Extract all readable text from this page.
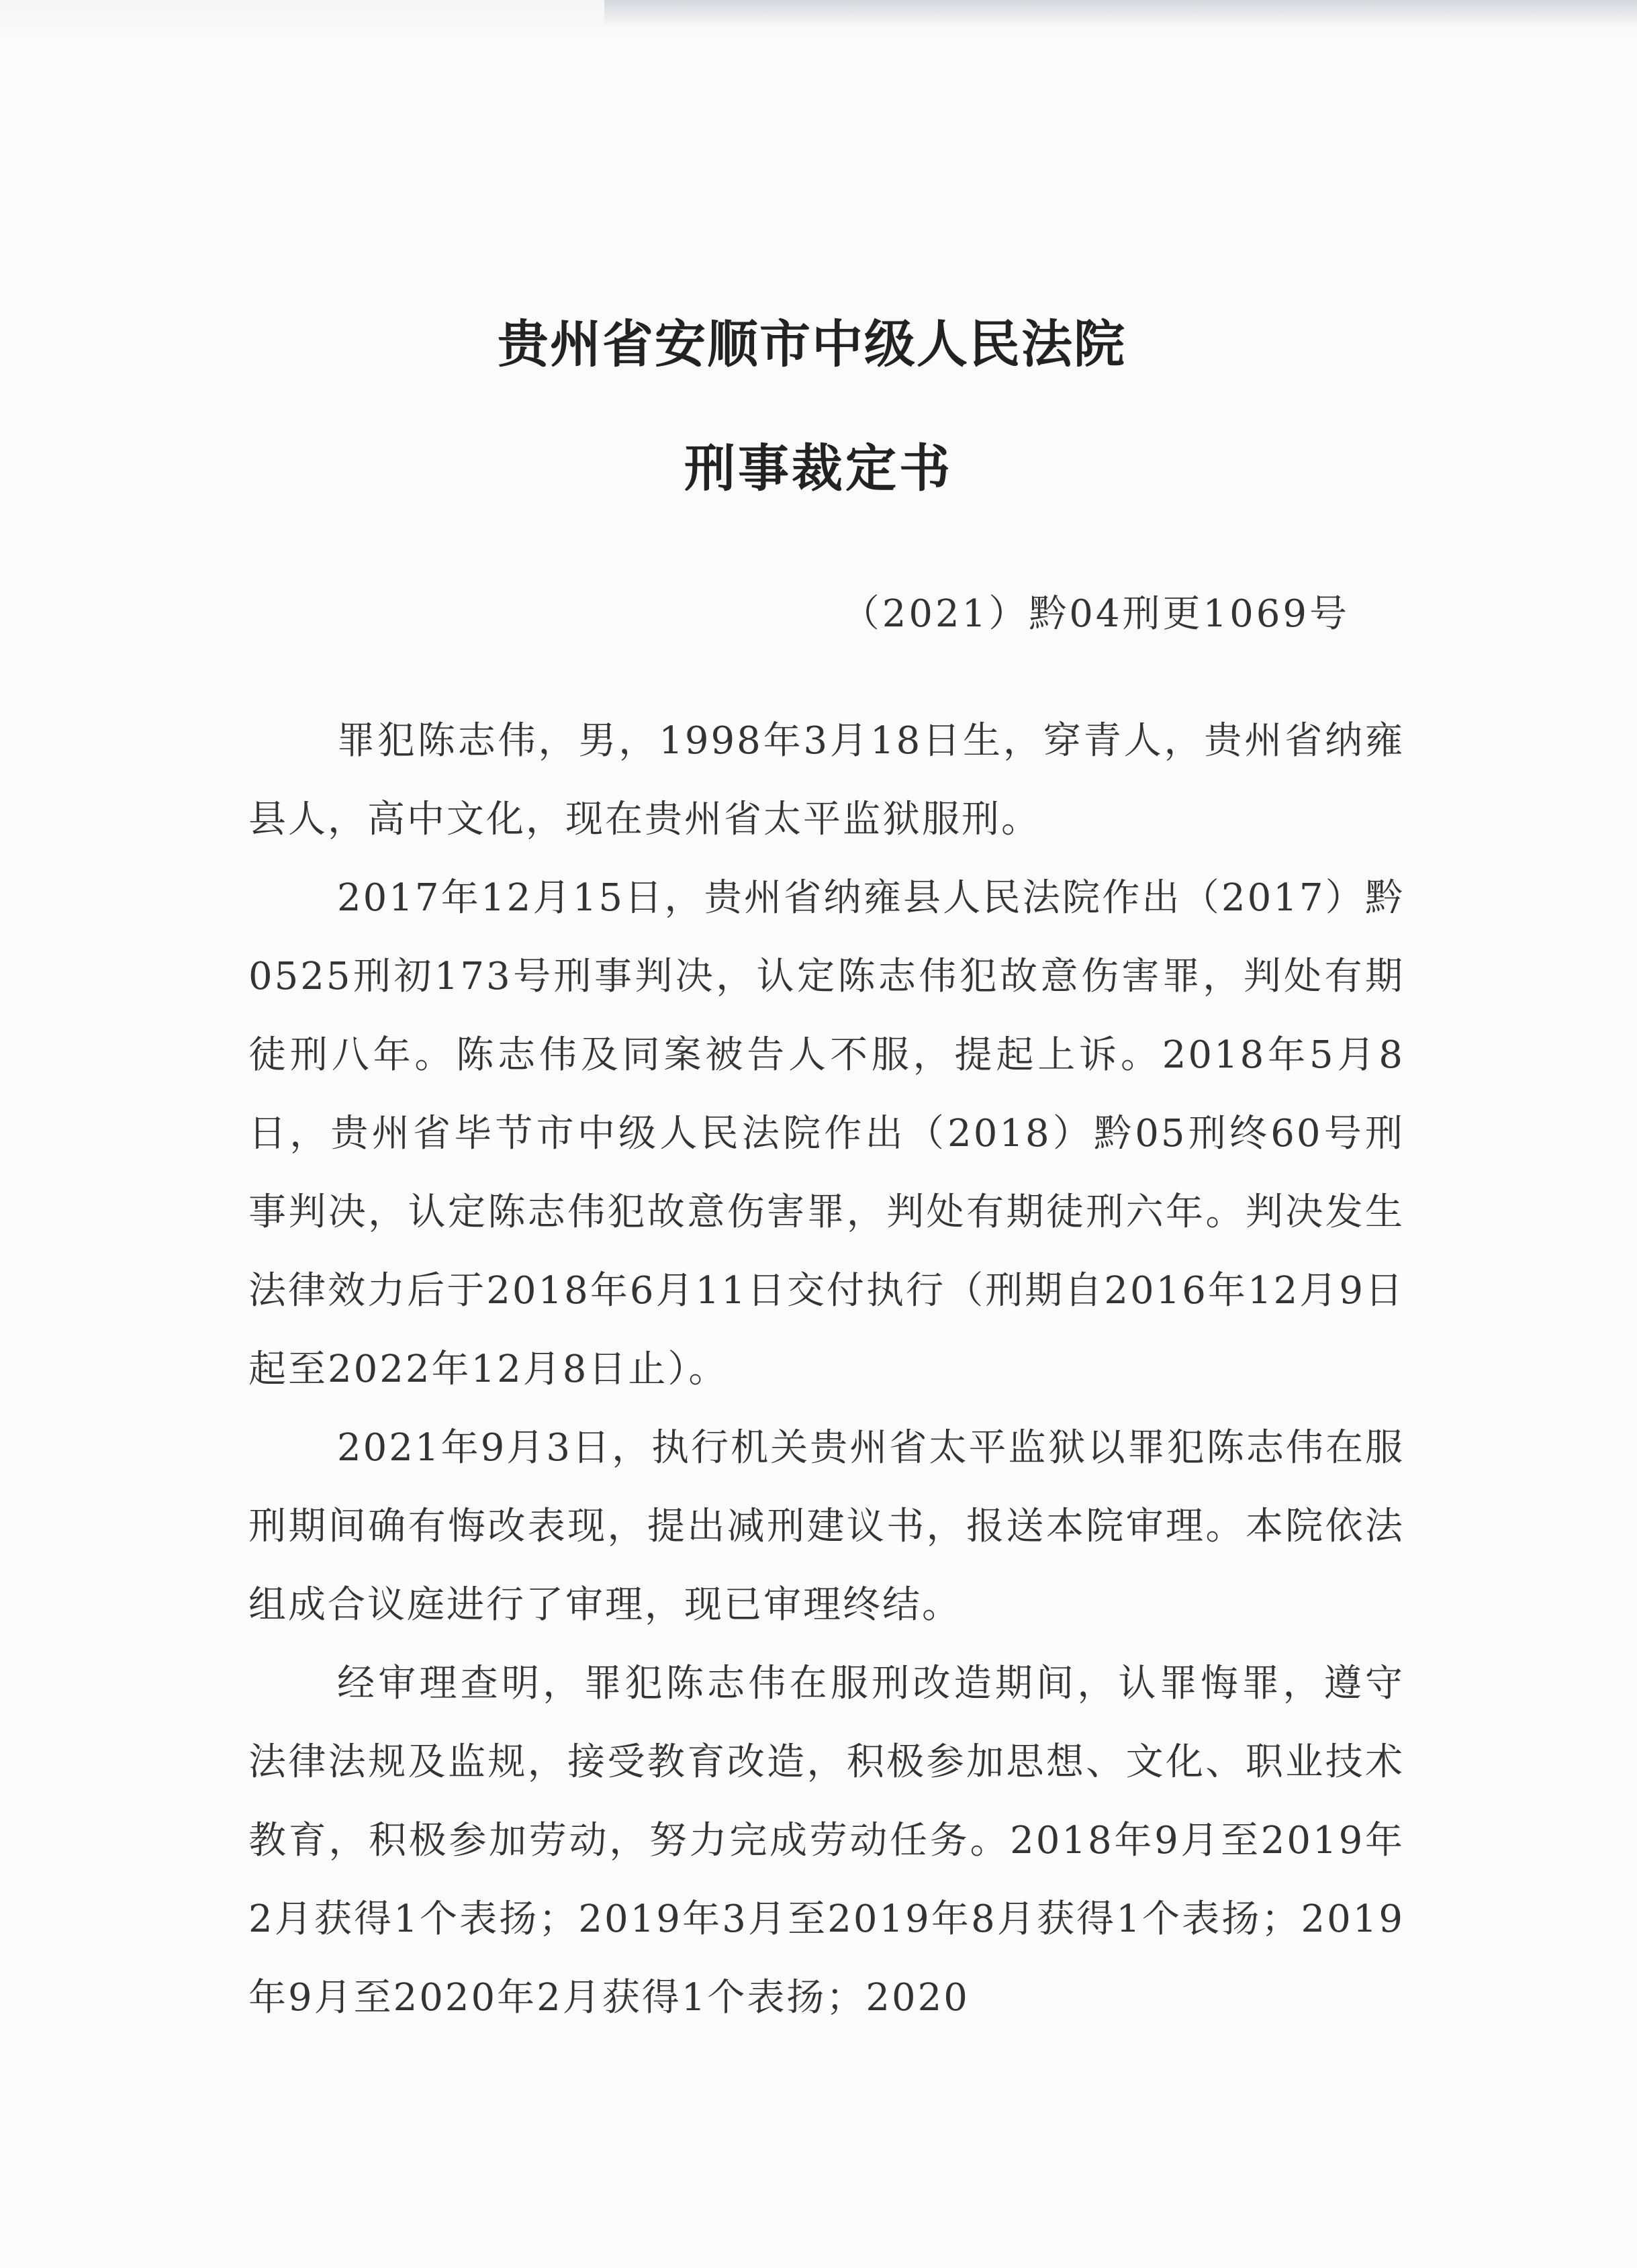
贵州省安顺市中级人民法院
刑事裁定书
（2021）黔04刑更1069号

罪犯陈志伟，男，1998年3月18日生，穿青人，贵州省纳雍县人，高中文化，现在贵州省太平监狱服刑。

2017年12月15日，贵州省纳雍县人民法院作出（2017）黔0525刑初173号刑事判决，认定陈志伟犯故意伤害罪，判处有期徒刑八年。陈志伟及同案被告人不服，提起上诉。2018年5月8日，贵州省毕节市中级人民法院作出（2018）黔05刑终60号刑事判决，认定陈志伟犯故意伤害罪，判处有期徒刑六年。判决发生法律效力后于2018年6月11日交付执行（刑期自2016年12月9日起至2022年12月8日止）。

2021年9月3日，执行机关贵州省太平监狱以罪犯陈志伟在服刑期间确有悔改表现，提出减刑建议书，报送本院审理。本院依法组成合议庭进行了审理，现已审理终结。

经审理查明，罪犯陈志伟在服刑改造期间，认罪悔罪，遵守法律法规及监规，接受教育改造，积极参加思想、文化、职业技术教育，积极参加劳动，努力完成劳动任务。2018年9月至2019年2月获得1个表扬；2019年3月至2019年8月获得1个表扬；2019年9月至2020年2月获得1个表扬；2020
